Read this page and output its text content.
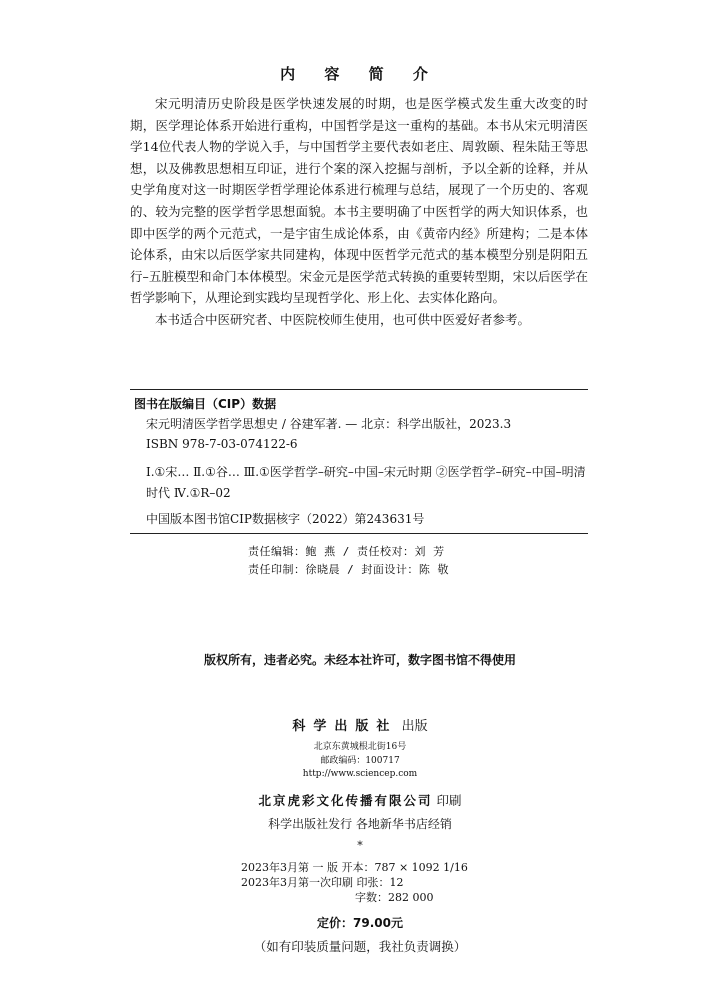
内 容 简 介

宋元明清历史阶段是医学快速发展的时期，也是医学模式发生重大改变的时期，医学理论体系开始进行重构，中国哲学是这一重构的基础。本书从宋元明清医学14位代表人物的学说入手，与中国哲学主要代表如老庄、周敦颐、程朱陆王等思想，以及佛教思想相互印证，进行个案的深入挖掘与剖析，予以全新的诠释，并从史学角度对这一时期医学哲学理论体系进行梳理与总结，展现了一个历史的、客观的、较为完整的医学哲学思想面貌。本书主要明确了中医哲学的两大知识体系，也即中医学的两个元范式，一是宇宙生成论体系，由《黄帝内经》所建构；二是本体论体系，由宋以后医学家共同建构，体现中医哲学元范式的基本模型分别是阴阳五行–五脏模型和命门本体模型。宋金元是医学范式转换的重要转型期，宋以后医学在哲学影响下，从理论到实践均呈现哲学化、形上化、去实体化路向。

本书适合中医研究者、中医院校师生使用，也可供中医爱好者参考。

图书在版编目（CIP）数据
宋元明清医学哲学思想史 / 谷建军著. — 北京：科学出版社，2023.3
ISBN 978-7-03-074122-6
Ⅰ.①宋… Ⅱ.①谷… Ⅲ.①医学哲学–研究–中国–宋元时期 ②医学哲学–研究–中国–明清时代 Ⅳ.①R–02
中国版本图书馆CIP数据核字（2022）第243631号
责任编辑：鲍 燕 / 责任校对：刘 芳
责任印制：徐晓晨 / 封面设计：陈 敬
版权所有，违者必究。未经本社许可，数字图书馆不得使用
科学出版社 出版
北京东黄城根北街16号
邮政编码：100717
http://www.sciencep.com
北京虎彩文化传播有限公司 印刷
科学出版社发行 各地新华书店经销
*
2023年3月第 一 版 开本：787 × 1092 1/16
2023年3月第一次印刷 印张：12
字数：282 000
定价：79.00元
（如有印装质量问题，我社负责调换）
